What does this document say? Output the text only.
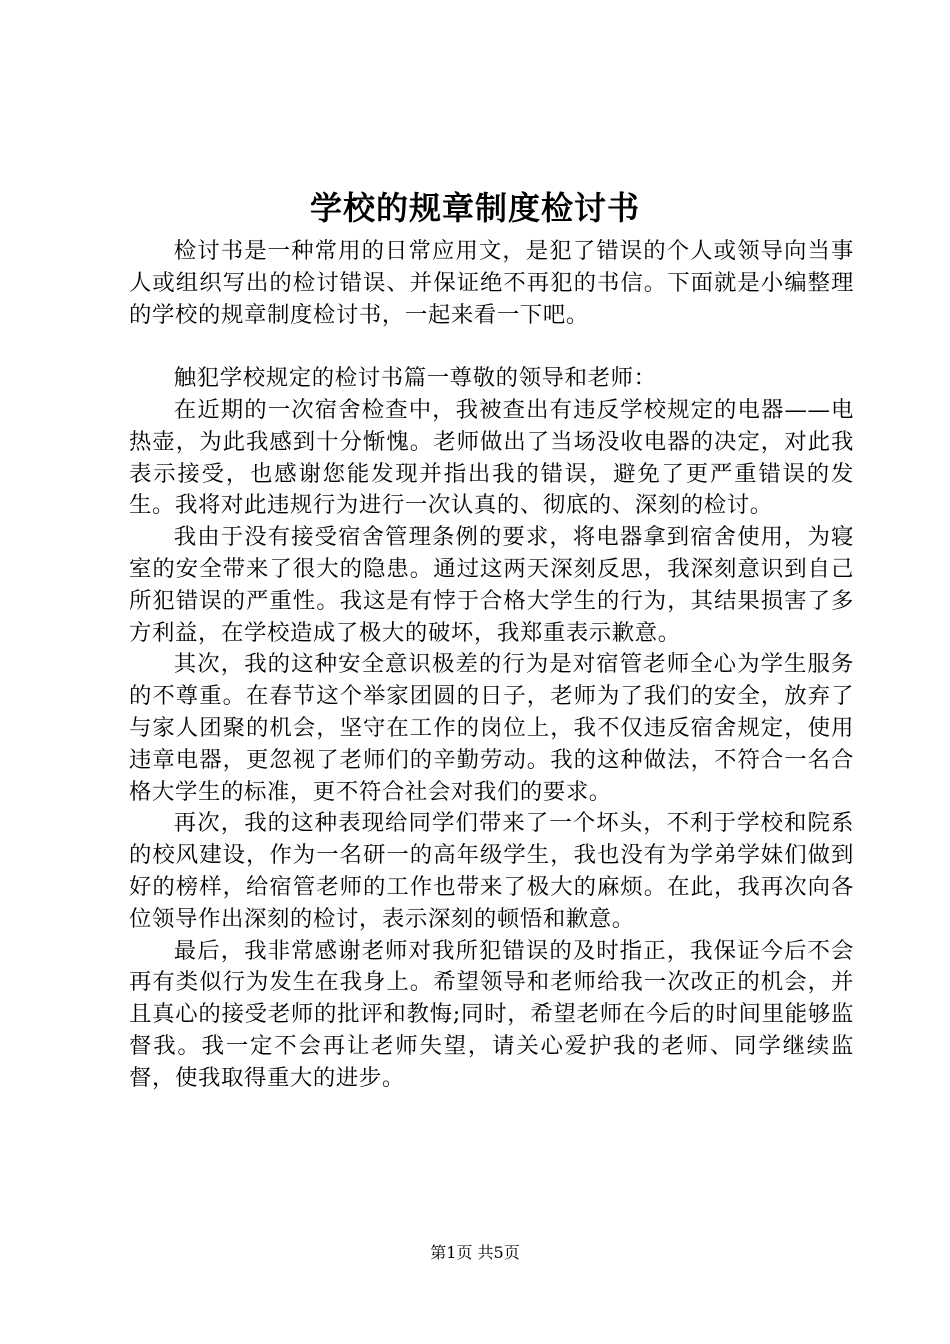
学校的规章制度检讨书

检讨书是一种常用的日常应用文，是犯了错误的个人或领导向当事人或组织写出的检讨错误、并保证绝不再犯的书信。下面就是小编整理的学校的规章制度检讨书，一起来看一下吧。

触犯学校规定的检讨书篇一尊敬的领导和老师：

在近期的一次宿舍检查中，我被查出有违反学校规定的电器——电热壶，为此我感到十分惭愧。老师做出了当场没收电器的决定，对此我表示接受，也感谢您能发现并指出我的错误，避免了更严重错误的发生。我将对此违规行为进行一次认真的、彻底的、深刻的检讨。

我由于没有接受宿舍管理条例的要求，将电器拿到宿舍使用，为寝室的安全带来了很大的隐患。通过这两天深刻反思，我深刻意识到自己所犯错误的严重性。我这是有悖于合格大学生的行为，其结果损害了多方利益，在学校造成了极大的破坏，我郑重表示歉意。

其次，我的这种安全意识极差的行为是对宿管老师全心为学生服务的不尊重。在春节这个举家团圆的日子，老师为了我们的安全，放弃了与家人团聚的机会，坚守在工作的岗位上，我不仅违反宿舍规定，使用违章电器，更忽视了老师们的辛勤劳动。我的这种做法，不符合一名合格大学生的标准，更不符合社会对我们的要求。

再次，我的这种表现给同学们带来了一个坏头，不利于学校和院系的校风建设，作为一名研一的高年级学生，我也没有为学弟学妹们做到好的榜样，给宿管老师的工作也带来了极大的麻烦。在此，我再次向各位领导作出深刻的检讨，表示深刻的顿悟和歉意。

最后，我非常感谢老师对我所犯错误的及时指正，我保证今后不会再有类似行为发生在我身上。希望领导和老师给我一次改正的机会，并且真心的接受老师的批评和教悔;同时，希望老师在今后的时间里能够监督我。我一定不会再让老师失望，请关心爱护我的老师、同学继续监督，使我取得重大的进步。

第1页 共5页
